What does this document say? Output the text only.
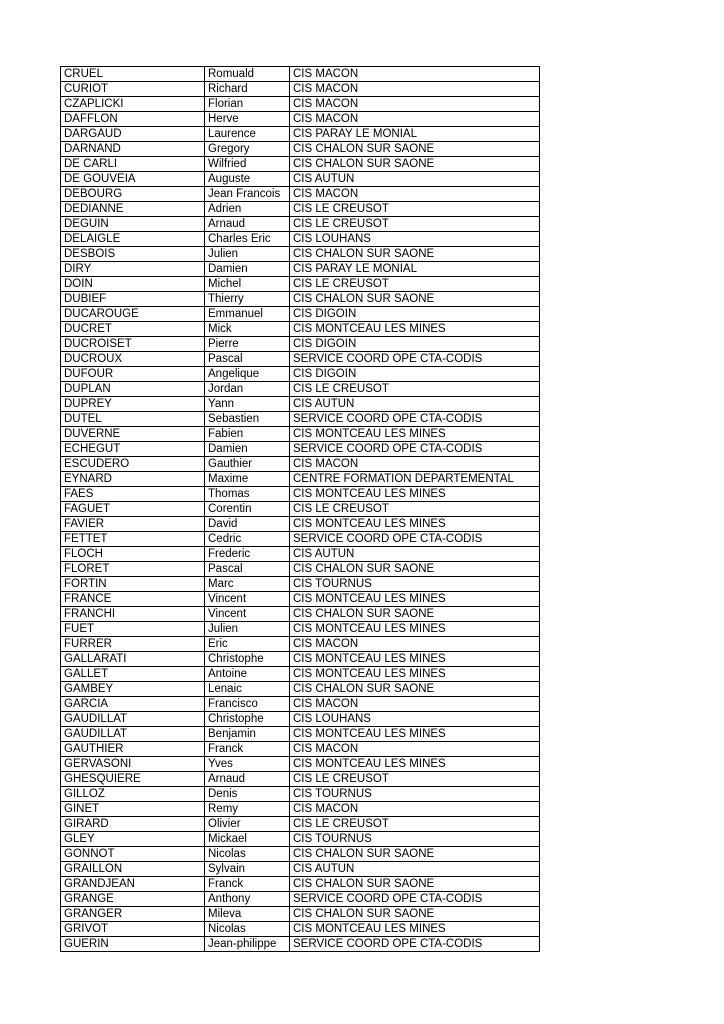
CRUEL	Romuald	CIS MACON
CURIOT	Richard	CIS MACON
CZAPLICKI	Florian	CIS MACON
DAFFLON	Herve	CIS MACON
DARGAUD	Laurence	CIS PARAY LE MONIAL
DARNAND	Gregory	CIS CHALON SUR SAONE
DE CARLI	Wilfried	CIS CHALON SUR SAONE
DE GOUVEIA	Auguste	CIS AUTUN
DEBOURG	Jean Francois	CIS MACON
DEDIANNE	Adrien	CIS LE CREUSOT
DEGUIN	Arnaud	CIS LE CREUSOT
DELAIGLE	Charles Eric	CIS LOUHANS
DESBOIS	Julien	CIS CHALON SUR SAONE
DIRY	Damien	CIS PARAY LE MONIAL
DOIN	Michel	CIS LE CREUSOT
DUBIEF	Thierry	CIS CHALON SUR SAONE
DUCAROUGE	Emmanuel	CIS DIGOIN
DUCRET	Mick	CIS MONTCEAU LES MINES
DUCROISET	Pierre	CIS DIGOIN
DUCROUX	Pascal	SERVICE COORD OPE CTA-CODIS
DUFOUR	Angelique	CIS DIGOIN
DUPLAN	Jordan	CIS LE CREUSOT
DUPREY	Yann	CIS AUTUN
DUTEL	Sebastien	SERVICE COORD OPE CTA-CODIS
DUVERNE	Fabien	CIS MONTCEAU LES MINES
ECHEGUT	Damien	SERVICE COORD OPE CTA-CODIS
ESCUDERO	Gauthier	CIS MACON
EYNARD	Maxime	CENTRE FORMATION DEPARTEMENTAL
FAES	Thomas	CIS MONTCEAU LES MINES
FAGUET	Corentin	CIS LE CREUSOT
FAVIER	David	CIS MONTCEAU LES MINES
FETTET	Cedric	SERVICE COORD OPE CTA-CODIS
FLOCH	Frederic	CIS AUTUN
FLORET	Pascal	CIS CHALON SUR SAONE
FORTIN	Marc	CIS TOURNUS
FRANCE	Vincent	CIS MONTCEAU LES MINES
FRANCHI	Vincent	CIS CHALON SUR SAONE
FUET	Julien	CIS MONTCEAU LES MINES
FURRER	Eric	CIS MACON
GALLARATI	Christophe	CIS MONTCEAU LES MINES
GALLET	Antoine	CIS MONTCEAU LES MINES
GAMBEY	Lenaic	CIS CHALON SUR SAONE
GARCIA	Francisco	CIS MACON
GAUDILLAT	Christophe	CIS LOUHANS
GAUDILLAT	Benjamin	CIS MONTCEAU LES MINES
GAUTHIER	Franck	CIS MACON
GERVASONI	Yves	CIS MONTCEAU LES MINES
GHESQUIERE	Arnaud	CIS LE CREUSOT
GILLOZ	Denis	CIS TOURNUS
GINET	Remy	CIS MACON
GIRARD	Olivier	CIS LE CREUSOT
GLEY	Mickael	CIS TOURNUS
GONNOT	Nicolas	CIS CHALON SUR SAONE
GRAILLON	Sylvain	CIS AUTUN
GRANDJEAN	Franck	CIS CHALON SUR SAONE
GRANGE	Anthony	SERVICE COORD OPE CTA-CODIS
GRANGER	Mileva	CIS CHALON SUR SAONE
GRIVOT	Nicolas	CIS MONTCEAU LES MINES
GUERIN	Jean-philippe	SERVICE COORD OPE CTA-CODIS
